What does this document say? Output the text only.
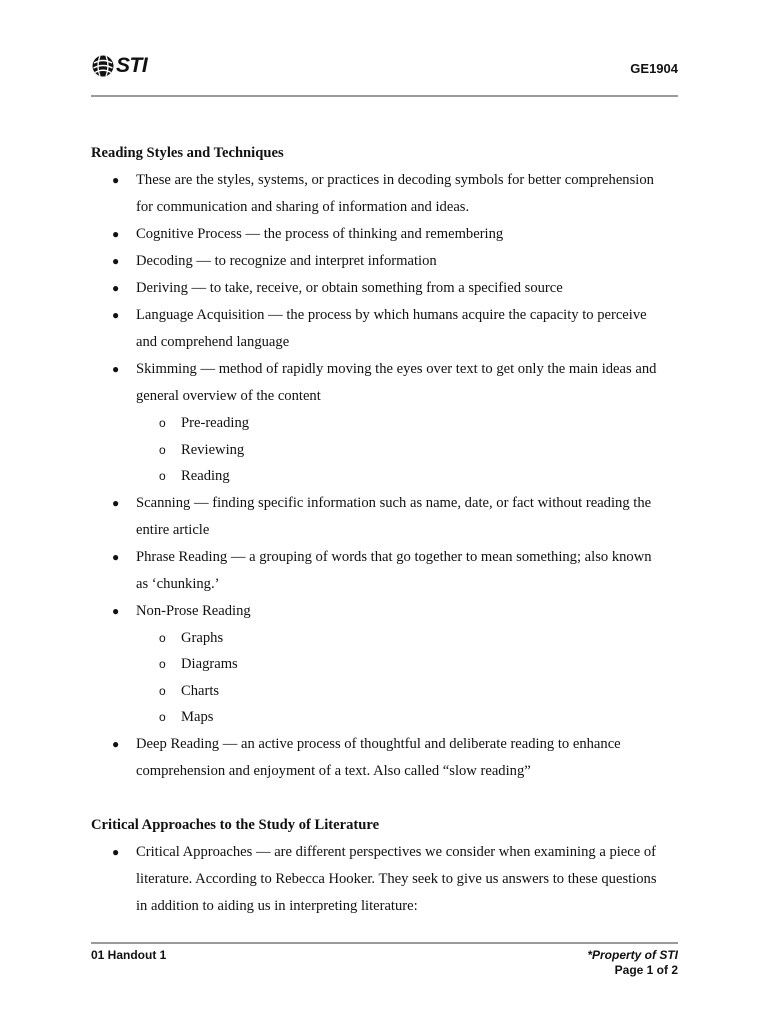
STI	GE1904

Reading Styles and Techniques

● These are the styles, systems, or practices in decoding symbols for better comprehension
for communication and sharing of information and ideas.
● Cognitive Process — the process of thinking and remembering
● Decoding — to recognize and interpret information
● Deriving — to take, receive, or obtain something from a specified source
● Language Acquisition — the process by which humans acquire the capacity to perceive
and comprehend language
● Skimming — method of rapidly moving the eyes over text to get only the main ideas and
general overview of the content
o Pre-reading
o Reviewing
o Reading
● Scanning — finding specific information such as name, date, or fact without reading the
entire article
● Phrase Reading — a grouping of words that go together to mean something; also known
as ‘chunking.’
● Non-Prose Reading
o Graphs
o Diagrams
o Charts
o Maps
● Deep Reading — an active process of thoughtful and deliberate reading to enhance
comprehension and enjoyment of a text. Also called “slow reading”

Critical Approaches to the Study of Literature

● Critical Approaches — are different perspectives we consider when examining a piece of
literature. According to Rebecca Hooker. They seek to give us answers to these questions
in addition to aiding us in interpreting literature:
01 Handout 1	*Property of STI
Page 1 of 2
